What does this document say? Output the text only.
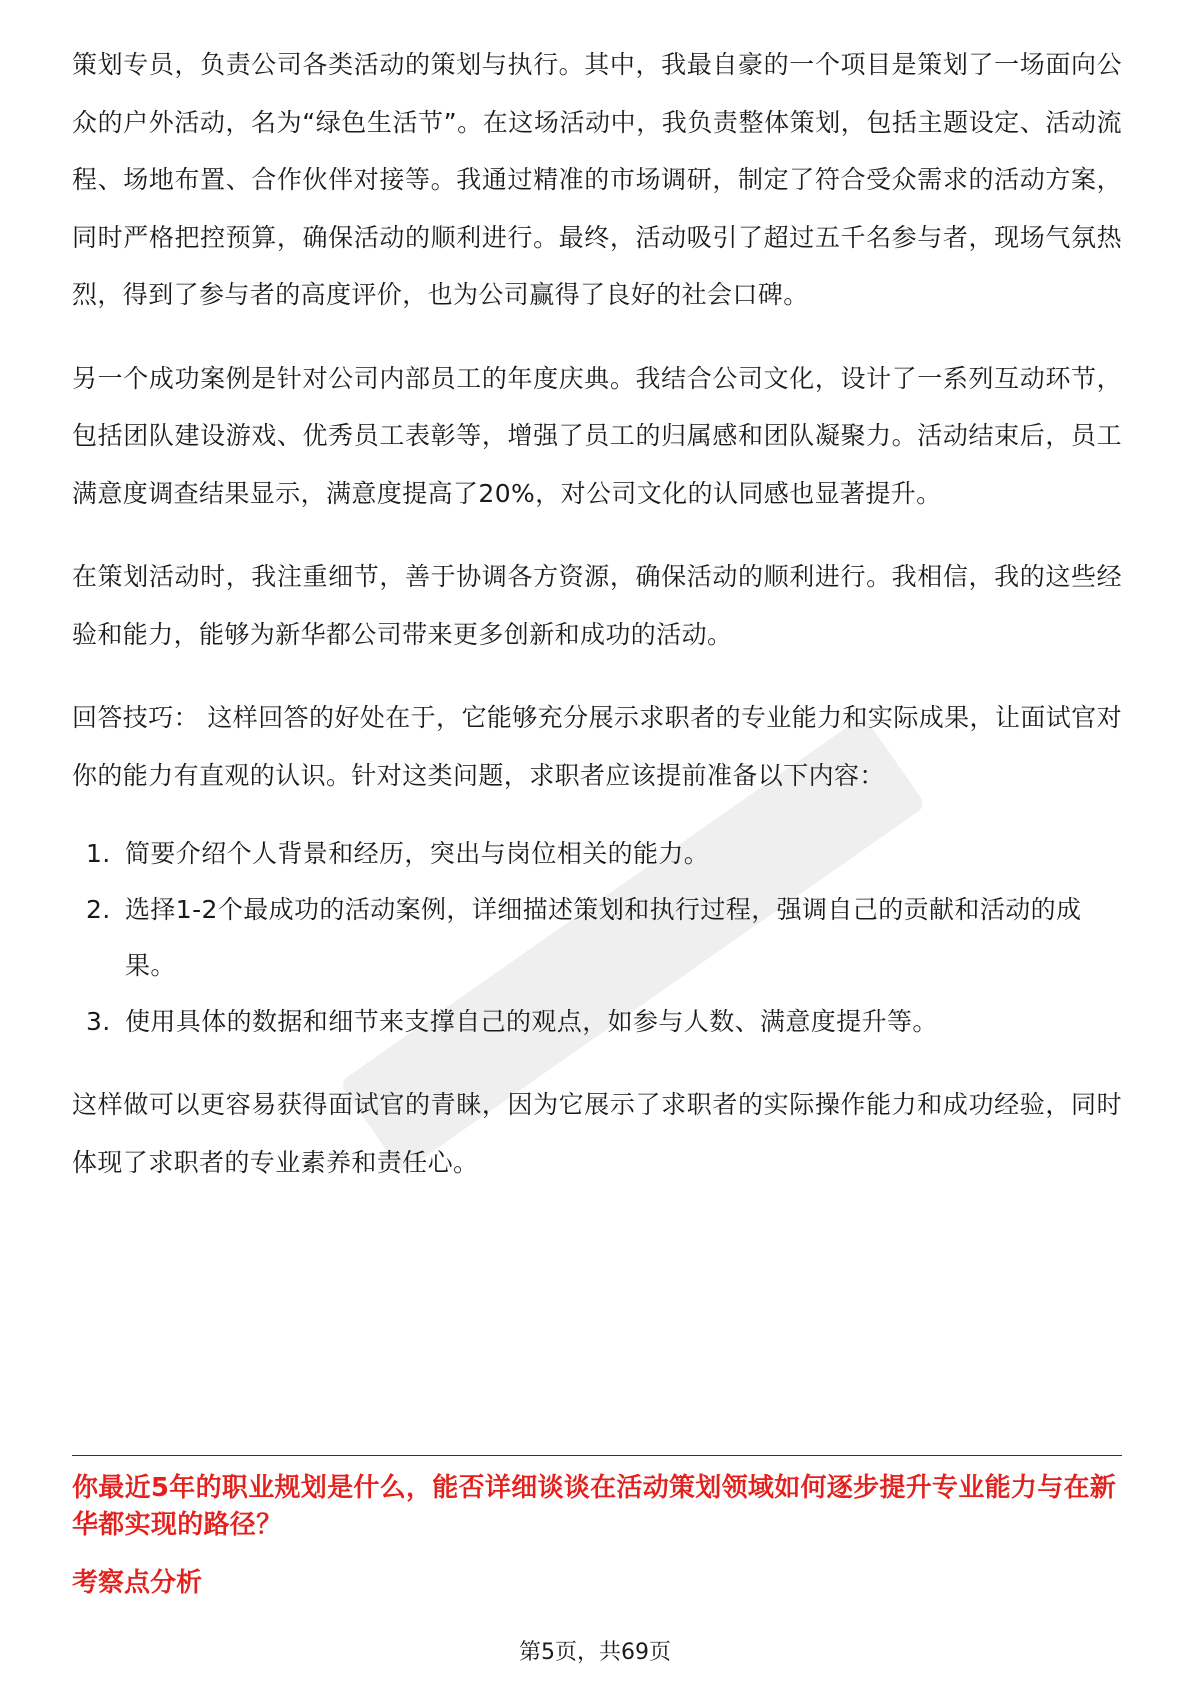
策划专员，负责公司各类活动的策划与执行。其中，我最自豪的一个项目是策划了一场面向公众的户外活动，名为“绿色生活节”。在这场活动中，我负责整体策划，包括主题设定、活动流程、场地布置、合作伙伴对接等。我通过精准的市场调研，制定了符合受众需求的活动方案，同时严格把控预算，确保活动的顺利进行。最终，活动吸引了超过五千名参与者，现场气氛热烈，得到了参与者的高度评价，也为公司赢得了良好的社会口碑。

另一个成功案例是针对公司内部员工的年度庆典。我结合公司文化，设计了一系列互动环节，包括团队建设游戏、优秀员工表彰等，增强了员工的归属感和团队凝聚力。活动结束后，员工满意度调查结果显示，满意度提高了20%，对公司文化的认同感也显著提升。

在策划活动时，我注重细节，善于协调各方资源，确保活动的顺利进行。我相信，我的这些经验和能力，能够为新华都公司带来更多创新和成功的活动。

回答技巧： 这样回答的好处在于，它能够充分展示求职者的专业能力和实际成果，让面试官对你的能力有直观的认识。针对这类问题，求职者应该提前准备以下内容：

1. 简要介绍个人背景和经历，突出与岗位相关的能力。
2. 选择1-2个最成功的活动案例，详细描述策划和执行过程，强调自己的贡献和活动的成果。
3. 使用具体的数据和细节来支撑自己的观点，如参与人数、满意度提升等。

这样做可以更容易获得面试官的青睐，因为它展示了求职者的实际操作能力和成功经验，同时体现了求职者的专业素养和责任心。

你最近5年的职业规划是什么，能否详细谈谈在活动策划领域如何逐步提升专业能力与在新华都实现的路径？
考察点分析
第5页，共69页
